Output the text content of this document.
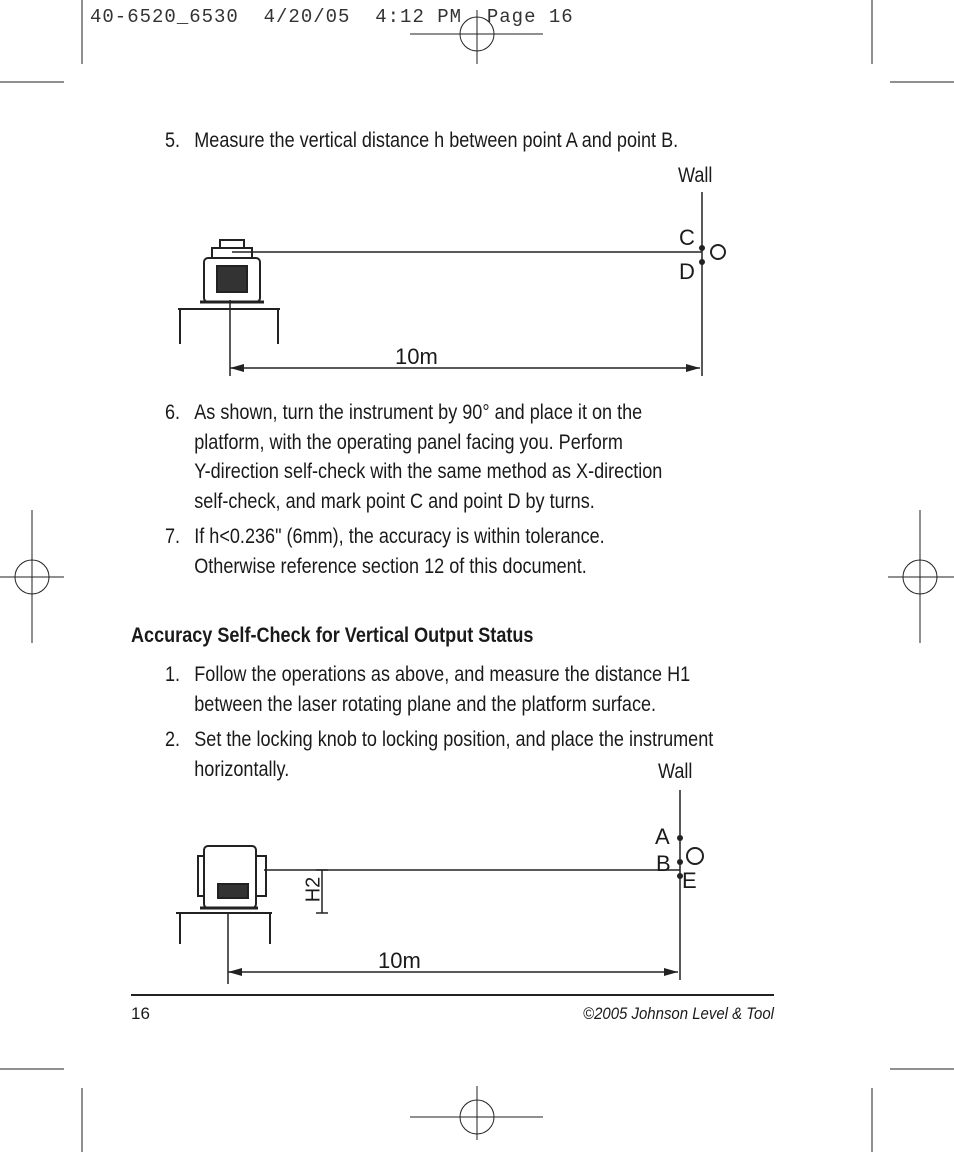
40-6520_6530  4/20/05  4:12 PM  Page 16
5. Measure the vertical distance h between point A and point B.
Wall
C
D
10m
6. As shown, turn the instrument by 90° and place it on the
platform, with the operating panel facing you. Perform
Y-direction self-check with the same method as X-direction
self-check, and mark point C and point D by turns.
7. If h<0.236" (6mm), the accuracy is within tolerance.
Otherwise reference section 12 of this document.
Accuracy Self-Check for Vertical Output Status
1. Follow the operations as above, and measure the distance H1
between the laser rotating plane and the platform surface.
2. Set the locking knob to locking position, and place the instrument
horizontally.	Wall
A
B
E
H2
10m
16	©2005 Johnson Level & Tool
